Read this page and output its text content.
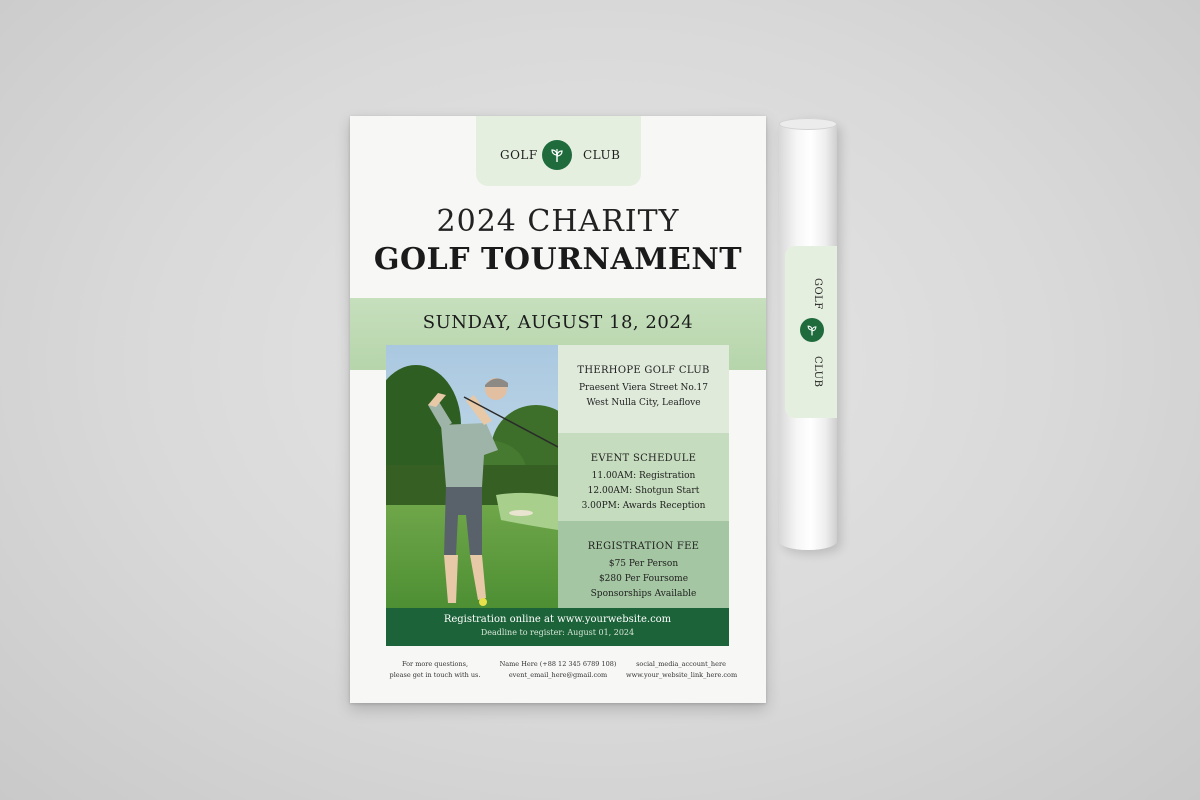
GOLF	CLUB
2024 CHARITY
GOLF TOURNAMENT
SUNDAY, AUGUST 18, 2024
THERHOPE GOLF CLUB
Praesent Viera Street No.17
West Nulla City, Leaflove
EVENT SCHEDULE
11.00AM: Registration
12.00AM: Shotgun Start
3.00PM: Awards Reception
REGISTRATION FEE
$75 Per Person
$280 Per Foursome
Sponsorships Available
Registration online at www.yourwebsite.com
Deadline to register: August 01, 2024
For more questions,
please get in touch with us.
Name Here (+88 12 345 6789 108)
event_email_here@gmail.com
social_media_account_here
www.your_website_link_here.com
GOLF
CLUB
